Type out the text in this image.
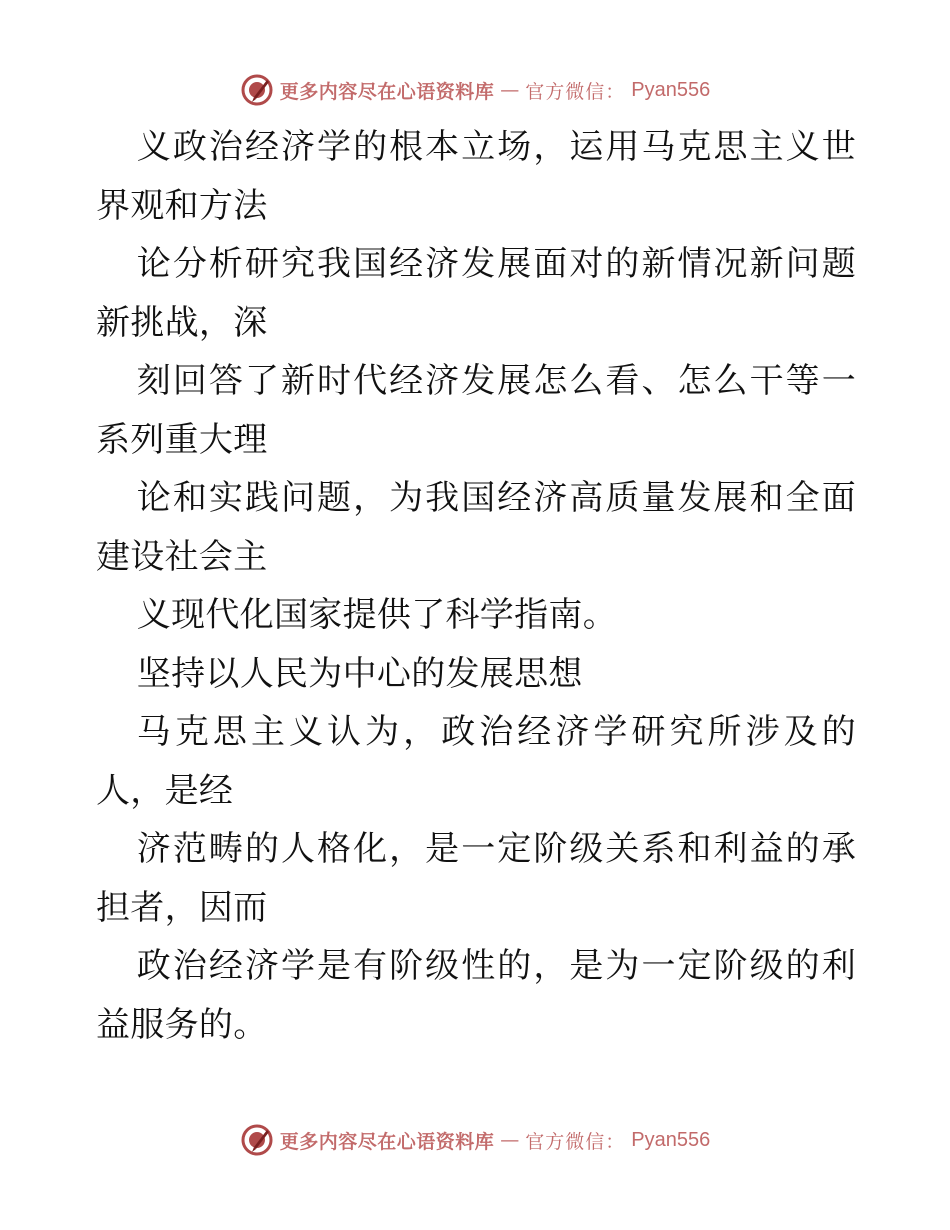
更多内容尽在心语资料库 — 官方微信： Pyan556

义政治经济学的根本立场，运用马克思主义世界观和方法

论分析研究我国经济发展面对的新情况新问题新挑战，深

刻回答了新时代经济发展怎么看、怎么干等一系列重大理

论和实践问题，为我国经济高质量发展和全面建设社会主

义现代化国家提供了科学指南。

坚持以人民为中心的发展思想

马克思主义认为，政治经济学研究所涉及的人，是经

济范畴的人格化，是一定阶级关系和利益的承担者，因而

政治经济学是有阶级性的，是为一定阶级的利益服务的。

更多内容尽在心语资料库 — 官方微信： Pyan556
